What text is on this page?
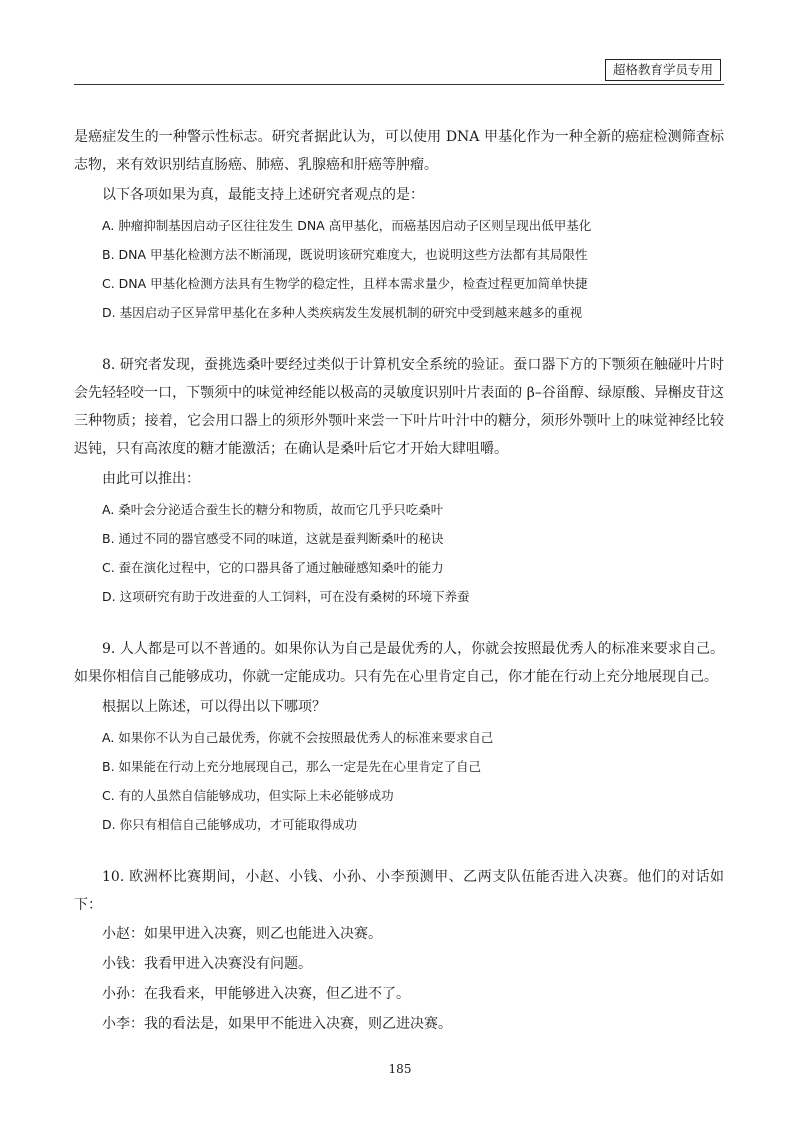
超格教育学员专用

是癌症发生的一种警示性标志。研究者据此认为，可以使用 DNA 甲基化作为一种全新的癌症检测筛查标志物，来有效识别结直肠癌、肺癌、乳腺癌和肝癌等肿瘤。

以下各项如果为真，最能支持上述研究者观点的是：

A. 肿瘤抑制基因启动子区往往发生 DNA 高甲基化，而癌基因启动子区则呈现出低甲基化

B. DNA 甲基化检测方法不断涌现，既说明该研究难度大，也说明这些方法都有其局限性

C. DNA 甲基化检测方法具有生物学的稳定性，且样本需求量少，检查过程更加简单快捷

D. 基因启动子区异常甲基化在多种人类疾病发生发展机制的研究中受到越来越多的重视

8. 研究者发现，蚕挑选桑叶要经过类似于计算机安全系统的验证。蚕口器下方的下颚须在触碰叶片时会先轻轻咬一口，下颚须中的味觉神经能以极高的灵敏度识别叶片表面的 β–谷甾醇、绿原酸、异槲皮苷这三种物质；接着，它会用口器上的须形外颚叶来尝一下叶片叶汁中的糖分，须形外颚叶上的味觉神经比较迟钝，只有高浓度的糖才能激活；在确认是桑叶后它才开始大肆咀嚼。

由此可以推出：

A. 桑叶会分泌适合蚕生长的糖分和物质，故而它几乎只吃桑叶

B. 通过不同的器官感受不同的味道，这就是蚕判断桑叶的秘诀

C. 蚕在演化过程中，它的口器具备了通过触碰感知桑叶的能力

D. 这项研究有助于改进蚕的人工饲料，可在没有桑树的环境下养蚕

9. 人人都是可以不普通的。如果你认为自己是最优秀的人，你就会按照最优秀人的标准来要求自己。如果你相信自己能够成功，你就一定能成功。只有先在心里肯定自己，你才能在行动上充分地展现自己。

根据以上陈述，可以得出以下哪项？

A. 如果你不认为自己最优秀，你就不会按照最优秀人的标准来要求自己

B. 如果能在行动上充分地展现自己，那么一定是先在心里肯定了自己

C. 有的人虽然自信能够成功，但实际上未必能够成功

D. 你只有相信自己能够成功，才可能取得成功

10. 欧洲杯比赛期间，小赵、小钱、小孙、小李预测甲、乙两支队伍能否进入决赛。他们的对话如下：

小赵：如果甲进入决赛，则乙也能进入决赛。

小钱：我看甲进入决赛没有问题。

小孙：在我看来，甲能够进入决赛，但乙进不了。

小李：我的看法是，如果甲不能进入决赛，则乙进决赛。

185
